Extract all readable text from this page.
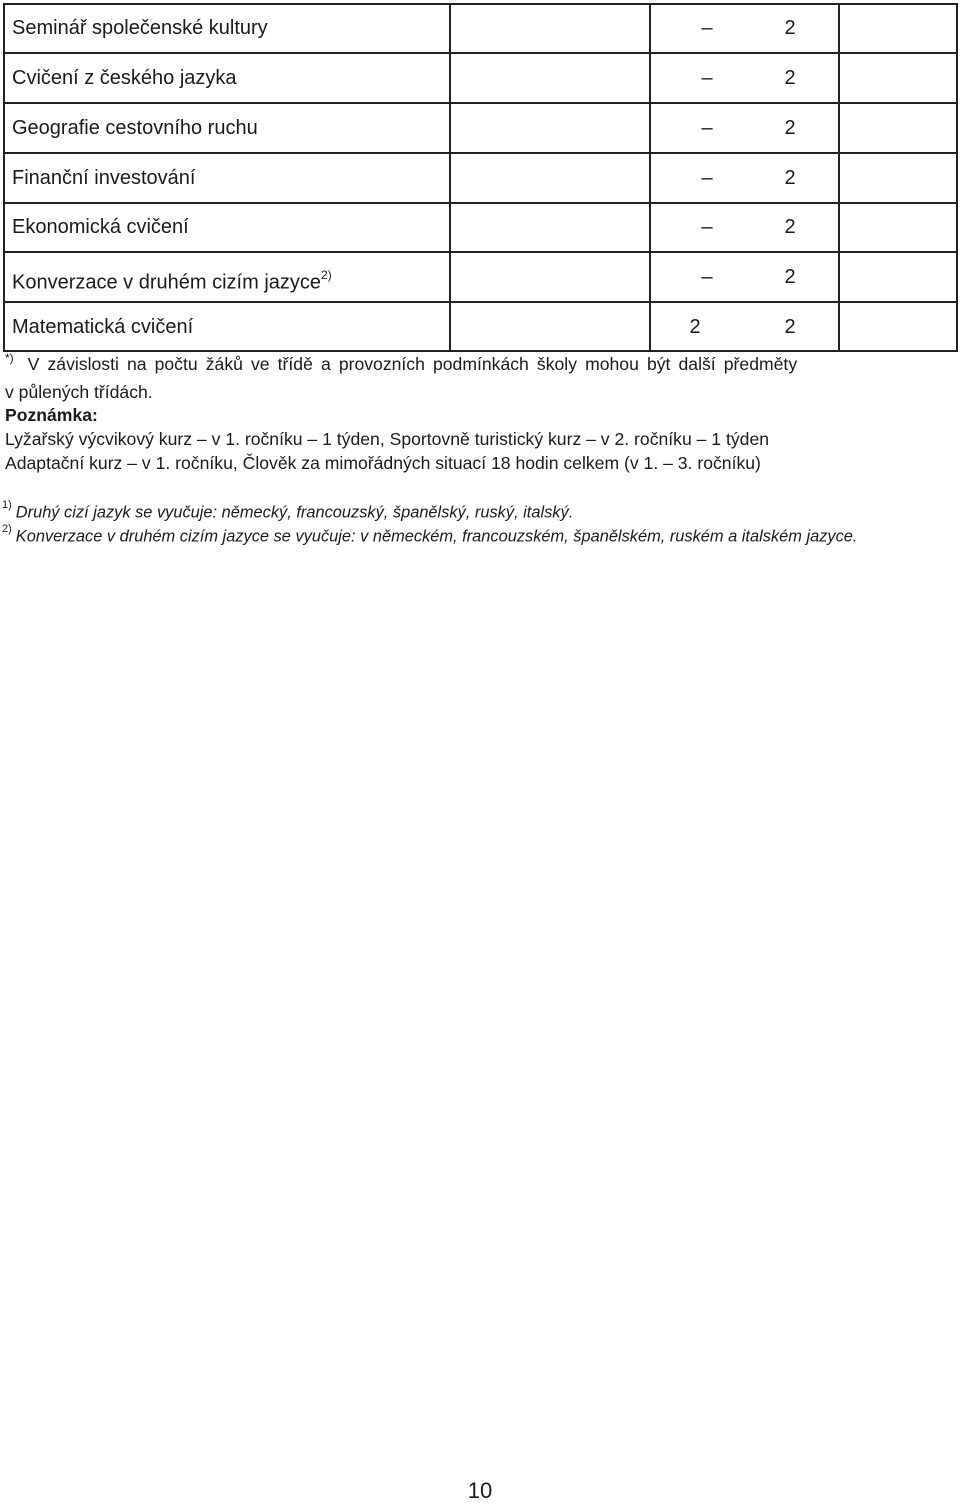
Seminář společenské kultury	–	2
Cvičení z českého jazyka	–	2
Geografie cestovního ruchu	–	2
Finanční investování	–	2
Ekonomická cvičení	–	2
Konverzace v druhém cizím jazyce$^{2)}$	–	2
Matematická cvičení	2	2
*) V závislosti na počtu žáků ve třídě a provozních podmínkách školy mohou být další předměty
v půlených třídách.
Poznámka:
Lyžařský výcvikový kurz – v 1. ročníku – 1 týden, Sportovně turistický kurz – v 2. ročníku – 1 týden
Adaptační kurz – v 1. ročníku, Člověk za mimořádných situací 18 hodin celkem (v 1. – 3. ročníku)
$^{1)}$ Druhý cizí jazyk se vyučuje: německý, francouzský, španělský, ruský, italský.
$^{2)}$ Konverzace v druhém cizím jazyce se vyučuje: v německém, francouzském, španělském, ruském a italském jazyce.
10
